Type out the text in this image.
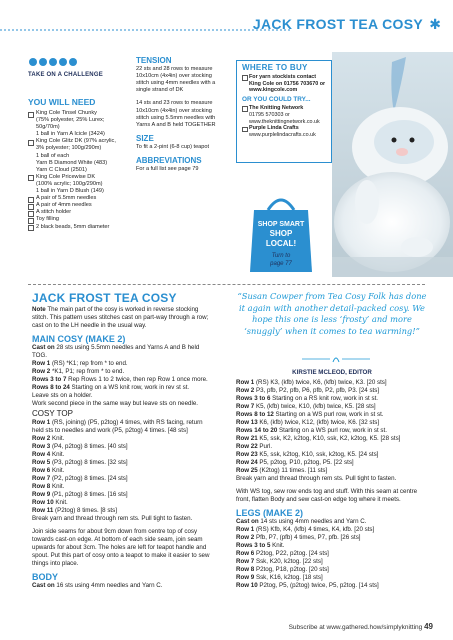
JACK FROST TEA COSY ✱
TAKE ON A CHALLENGE
YOU WILL NEED
King Cole Tinsel Chunky
(75% polyester, 25% Lurex;
50g/70m)
1 ball in Yarn A Icicle (3424)
King Cole Glitz DK (97% acrylic,
3% polyester; 100g/290m)
1 ball of each
Yarn B Diamond White (483)
Yarn C Cloud (2501)
King Cole Pricewise DK
(100% acrylic; 100g/290m)
1 ball in Yarn D Blush (149)
A pair of 5.5mm needles
A pair of 4mm needles
A stitch holder
Toy filling
2 black beads, 5mm diameter
TENSION

22 sts and 28 rows to measure 10x10cm (4x4in) over stocking stitch using 4mm needles with a single strand of DK

14 sts and 23 rows to measure 10x10cm (4x4in) over stocking stitch using 5.5mm needles with Yarns A and B held TOGETHER

SIZE

To fit a 2-pint (6-8 cup) teapot

ABBREVIATIONS

For a full list see page 79

WHERE TO BUY
For yarn stockists contact King Cole on 01756 703670 or www.kingcole.com
OR YOU COULD TRY...
The Knitting Network
01795 570303 or www.theknittingnetwork.co.uk
Purple Linda Crafts
www.purplelindacrafts.co.uk
SHOP SMART
SHOP
LOCAL!
Turn to
page 77
JACK FROST TEA COSY

Note The main part of the cosy is worked in reverse stocking stitch. This pattern uses stitches cast on part-way through a row; cast on to the LH needle in the usual way.

MAIN COSY (MAKE 2)

Cast on 28 sts using 5.5mm needles and Yarns A and B held TOG.

Row 1 (RS) *K1; rep from * to end.

Row 2 *K1, P1; rep from * to end.

Rows 3 to 7 Rep Rows 1 to 2 twice, then rep Row 1 once more.

Rows 8 to 24 Starting on a WS knit row, work in rev st st.

Leave sts on a holder.

Work second piece in the same way but leave sts on needle.

COSY TOP

Row 1 (RS, joining) (P5, p2tog) 4 times, with RS facing, return held sts to needles and work (P5, p2tog) 4 times. [48 sts]

Row 2 Knit.

Row 3 (P4, p2tog) 8 times. [40 sts]

Row 4 Knit.

Row 5 (P3, p2tog) 8 times. [32 sts]

Row 6 Knit.

Row 7 (P2, p2tog) 8 times. [24 sts]

Row 8 Knit.

Row 9 (P1, p2tog) 8 times. [16 sts]

Row 10 Knit.

Row 11 (P2tog) 8 times. [8 sts]

Break yarn and thread through rem sts. Pull tight to fasten.

Join side seams for about 9cm down from centre top of cosy towards cast-on edge. At bottom of each side seam, join seam upwards for about 3cm. The holes are left for teapot handle and spout. Put this part of cosy onto a teapot to make it easier to sew things into place.

BODY

Cast on 16 sts using 4mm needles and Yarn C.

“Susan Cowper from Tea Cosy Folk has done it again with another detail-packed cosy. We hope this one is less ‘frosty’ and more ‘snuggly’ when it comes to tea warming!”
KIRSTIE MCLEOD, EDITOR

Row 1 (RS) K3, (kfb) twice, K6, (kfb) twice, K3. [20 sts]

Row 2 P3, pfb, P2, pfb, P6, pfb, P2, pfb, P3. [24 sts]

Rows 3 to 6 Starting on a RS knit row, work in st st.

Row 7 K5, (kfb) twice, K10, (kfb) twice, K5. [28 sts]

Rows 8 to 12 Starting on a WS purl row, work in st st.

Row 13 K6, (kfb) twice, K12, (kfb) twice, K6. [32 sts]

Rows 14 to 20 Starting on a WS purl row, work in st st.

Row 21 K5, ssk, K2, k2tog, K10, ssk, K2, k2tog, K5. [28 sts]

Row 22 Purl.

Row 23 K5, ssk, k2tog, K10, ssk, k2tog, K5. [24 sts]

Row 24 P5, p2tog, P10, p2tog, P5. [22 sts]

Row 25 (K2tog) 11 times. [11 sts]

Break yarn and thread through rem sts. Pull tight to fasten.

With WS tog, sew row ends tog and stuff. With this seam at centre front, flatten Body and sew cast-on edge tog where it meets.

LEGS (MAKE 2)

Cast on 14 sts using 4mm needles and Yarn C.

Row 1 (RS) Kfb, K4, (kfb) 4 times, K4, kfb. [20 sts]

Row 2 Pfb, P7, (pfb) 4 times, P7, pfb. [26 sts]

Rows 3 to 5 Knit.

Row 6 P2tog, P22, p2tog. [24 sts]

Row 7 Ssk, K20, k2tog. [22 sts]

Row 8 P2tog, P18, p2tog. [20 sts]

Row 9 Ssk, K16, k2tog. [18 sts]

Row 10 P2tog, P5, (p2tog) twice, P5, p2tog. [14 sts]

Subscribe at www.gathered.how/simplyknitting 49
